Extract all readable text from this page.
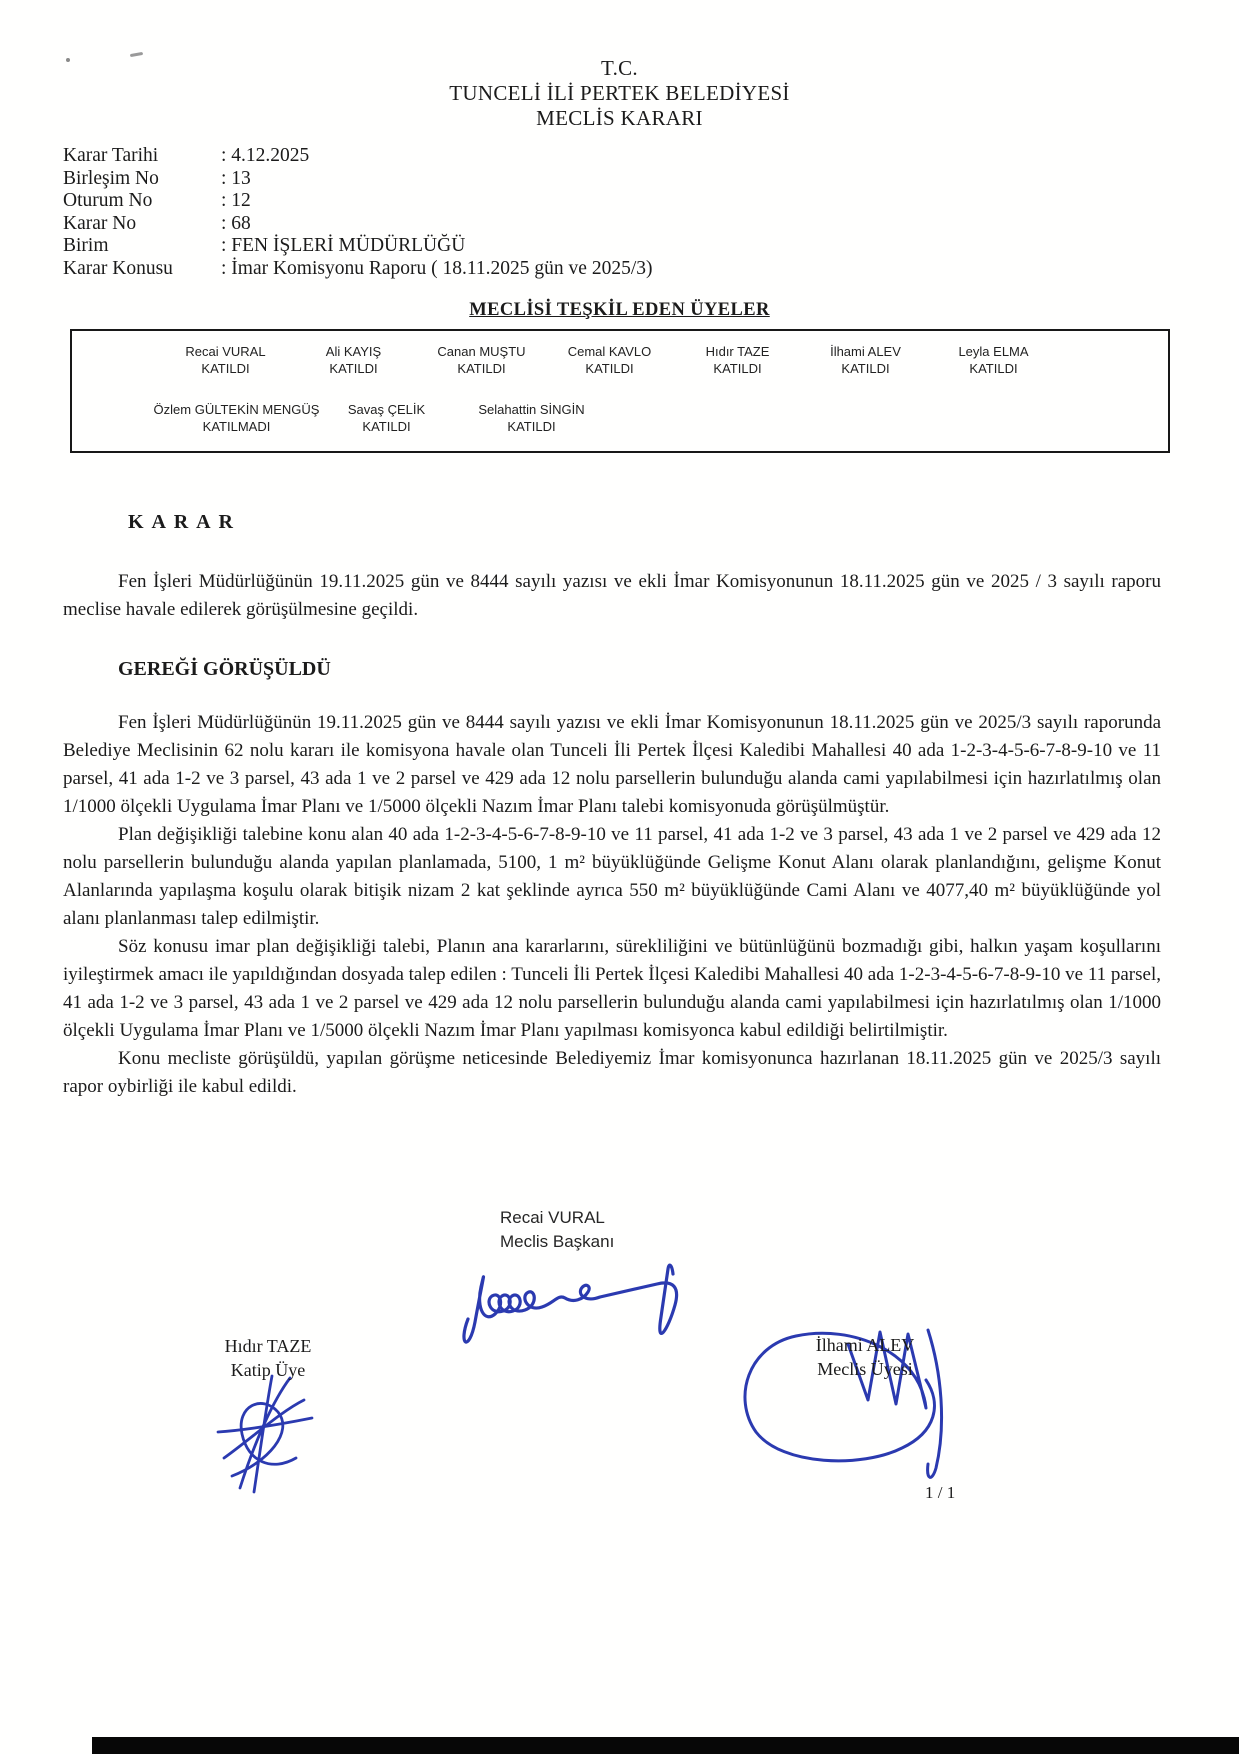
T.C.
TUNCELİ İLİ PERTEK BELEDİYESİ
MECLİS KARARI
Karar Tarihi	: 4.12.2025
Birleşim No	: 13
Oturum No	: 12
Karar No	: 68
Birim	: FEN İŞLERİ MÜDÜRLÜĞÜ
Karar Konusu	: İmar Komisyonu Raporu ( 18.11.2025 gün ve 2025/3)
MECLİSİ TEŞKİL EDEN ÜYELER
Recai VURAL
KATILDI
Ali KAYIŞ
KATILDI
Canan MUŞTU
KATILDI
Cemal KAVLO
KATILDI
Hıdır TAZE
KATILDI
İlhami ALEV
KATILDI
Leyla ELMA
KATILDI
Özlem GÜLTEKİN MENGÜŞ
KATILMADI
Savaş ÇELİK
KATILDI
Selahattin SİNGİN
KATILDI
K A R A R

Fen İşleri Müdürlüğünün 19.11.2025 gün ve 8444 sayılı yazısı ve ekli İmar Komisyonunun 18.11.2025 gün ve 2025 / 3 sayılı raporu meclise havale edilerek görüşülmesine geçildi.

GEREĞİ GÖRÜŞÜLDÜ

Fen İşleri Müdürlüğünün 19.11.2025 gün ve 8444 sayılı yazısı ve ekli İmar Komisyonunun 18.11.2025 gün ve 2025/3 sayılı raporunda Belediye Meclisinin 62 nolu kararı ile komisyona havale olan Tunceli İli Pertek İlçesi Kaledibi Mahallesi 40 ada 1-2-3-4-5-6-7-8-9-10 ve 11 parsel, 41 ada 1-2 ve 3 parsel, 43 ada 1 ve 2 parsel ve 429 ada 12 nolu parsellerin bulunduğu alanda cami yapılabilmesi için hazırlatılmış olan 1/1000 ölçekli Uygulama İmar Planı ve 1/5000 ölçekli Nazım İmar Planı talebi komisyonuda görüşülmüştür.

Plan değişikliği talebine konu alan 40 ada 1-2-3-4-5-6-7-8-9-10 ve 11 parsel, 41 ada 1-2 ve 3 parsel, 43 ada 1 ve 2 parsel ve 429 ada 12 nolu parsellerin bulunduğu alanda yapılan planlamada, 5100, 1 m² büyüklüğünde Gelişme Konut Alanı olarak planlandığını, gelişme Konut Alanlarında yapılaşma koşulu olarak bitişik nizam 2 kat şeklinde ayrıca 550 m² büyüklüğünde Cami Alanı ve 4077,40 m² büyüklüğünde yol alanı planlanması talep edilmiştir.

Söz konusu imar plan değişikliği talebi, Planın ana kararlarını, sürekliliğini ve bütünlüğünü bozmadığı gibi, halkın yaşam koşullarını iyileştirmek amacı ile yapıldığından dosyada talep edilen : Tunceli İli Pertek İlçesi Kaledibi Mahallesi 40 ada 1-2-3-4-5-6-7-8-9-10 ve 11 parsel, 41 ada 1-2 ve 3 parsel, 43 ada 1 ve 2 parsel ve 429 ada 12 nolu parsellerin bulunduğu alanda cami yapılabilmesi için hazırlatılmış olan 1/1000 ölçekli Uygulama İmar Planı ve 1/5000 ölçekli Nazım İmar Planı yapılması komisyonca kabul edildiği belirtilmiştir.

Konu mecliste görüşüldü, yapılan görüşme neticesinde Belediyemiz İmar komisyonunca hazırlanan 18.11.2025 gün ve 2025/3 sayılı rapor oybirliği ile kabul edildi.

Recai VURAL
Meclis Başkanı
Hıdır TAZE
Katip Üye
İlhami ALEV
Meclis Üyesi
1 / 1
